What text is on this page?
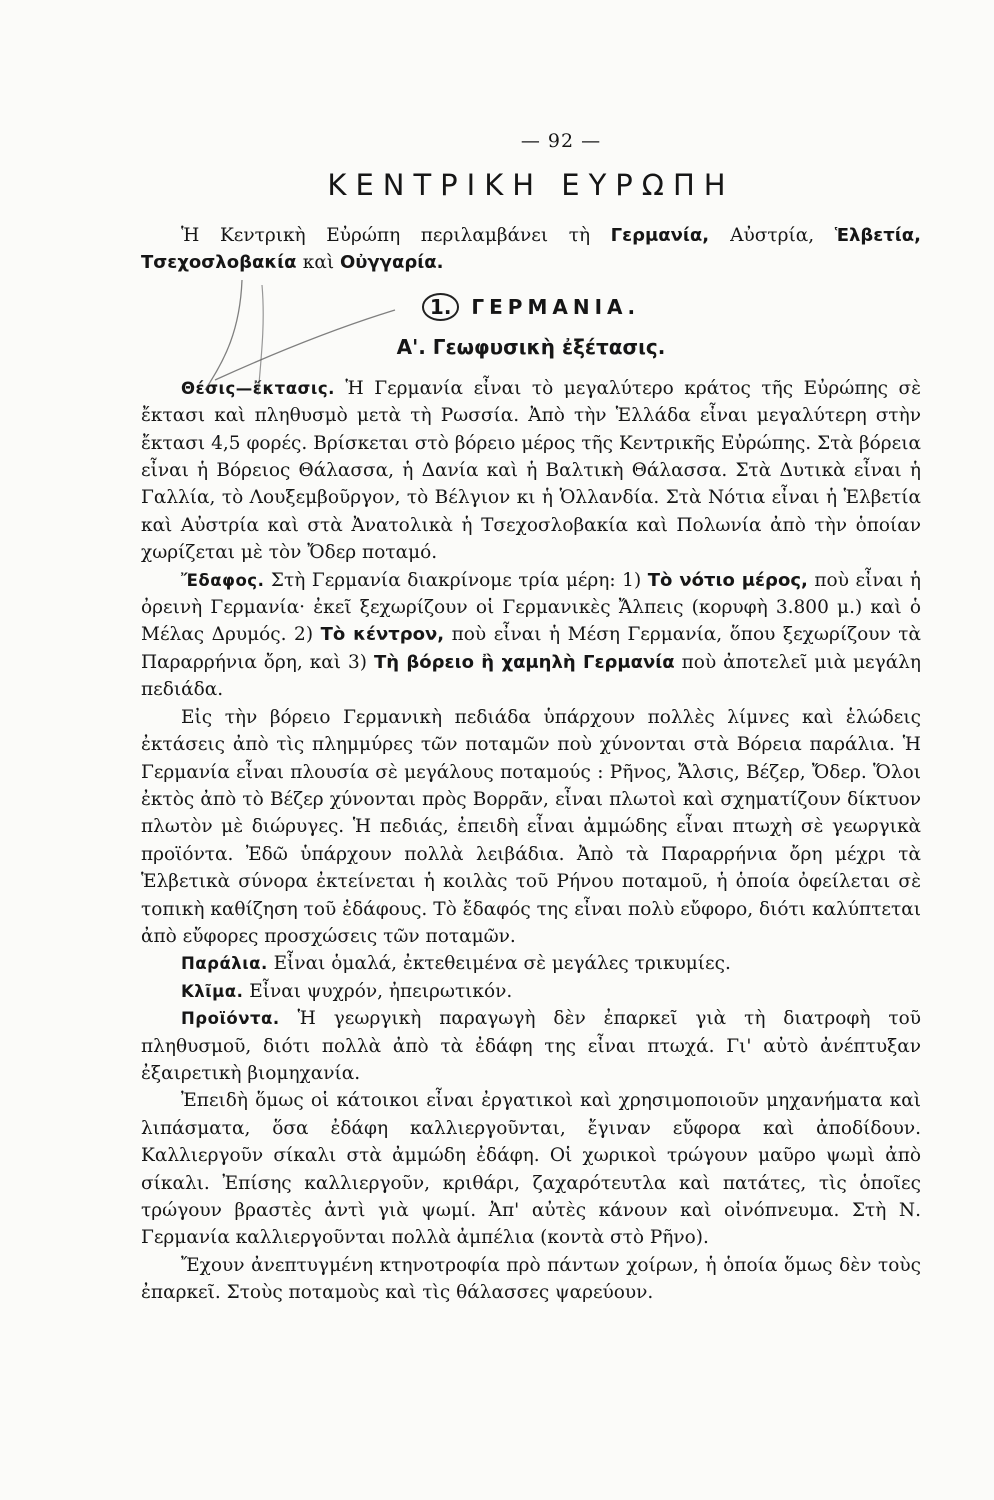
— 92 —
ΚΕΝΤΡΙΚΗ ΕΥΡΩΠΗ

Ἡ Κεντρικὴ Εὐρώπη περιλαμβάνει τὴ Γερμανία, Αὐστρία, Ἑλβετία, Τσεχοσλοβακία καὶ Οὐγγαρία.

1. ΓΕΡΜΑΝΙΑ.
Α'. Γεωφυσικὴ ἐξέτασις.

Θέσις—ἔκτασις. Ἡ Γερμανία εἶναι τὸ μεγαλύτερο κράτος τῆς Εὐρώπης σὲ ἔκτασι καὶ πληθυσμὸ μετὰ τὴ Ρωσσία. Ἀπὸ τὴν Ἑλλάδα εἶναι μεγαλύτερη στὴν ἔκτασι 4,5 φορές. Βρίσκεται στὸ βόρειο μέρος τῆς Κεντρικῆς Εὐρώπης. Στὰ βόρεια εἶναι ἡ Βόρειος Θάλασσα, ἡ Δανία καὶ ἡ Βαλτικὴ Θάλασσα. Στὰ Δυτικὰ εἶναι ἡ Γαλλία, τὸ Λουξεμβοῦργον, τὸ Βέλγιον κι ἡ Ὁλλανδία. Στὰ Νότια εἶναι ἡ Ἑλβετία καὶ Αὐστρία καὶ στὰ Ἀνατολικὰ ἡ Τσεχοσλοβακία καὶ Πολωνία ἀπὸ τὴν ὁποίαν χωρίζεται μὲ τὸν Ὄδερ ποταμό.

Ἔδαφος. Στὴ Γερμανία διακρίνομε τρία μέρη: 1) Τὸ νότιο μέρος, ποὺ εἶναι ἡ ὀρεινὴ Γερμανία· ἐκεῖ ξεχωρίζουν οἱ Γερμανικὲς Ἄλπεις (κορυφὴ 3.800 μ.) καὶ ὁ Μέλας Δρυμός. 2) Τὸ κέντρον, ποὺ εἶναι ἡ Μέση Γερμανία, ὅπου ξεχωρίζουν τὰ Παραρρήνια ὄρη, καὶ 3) Τὴ βόρειο ἢ χαμηλὴ Γερμανία ποὺ ἀποτελεῖ μιὰ μεγάλη πεδιάδα.

Εἰς τὴν βόρειο Γερμανικὴ πεδιάδα ὑπάρχουν πολλὲς λίμνες καὶ ἑλώδεις ἐκτάσεις ἀπὸ τὶς πλημμύρες τῶν ποταμῶν ποὺ χύνονται στὰ Βόρεια παράλια. Ἡ Γερμανία εἶναι πλουσία σὲ μεγάλους ποταμούς : Ρῆνος, Ἄλσις, Βέζερ, Ὄδερ. Ὅλοι ἐκτὸς ἀπὸ τὸ Βέζερ χύνονται πρὸς Βορρᾶν, εἶναι πλωτοὶ καὶ σχηματίζουν δίκτυον πλωτὸν μὲ διώρυγες. Ἡ πεδιάς, ἐπειδὴ εἶναι ἀμμώδης εἶναι πτωχὴ σὲ γεωργικὰ προϊόντα. Ἐδῶ ὑπάρχουν πολλὰ λειβάδια. Ἀπὸ τὰ Παραρρήνια ὄρη μέχρι τὰ Ἑλβετικὰ σύνορα ἐκτείνεται ἡ κοιλὰς τοῦ Ρήνου ποταμοῦ, ἡ ὁποία ὀφείλεται σὲ τοπικὴ καθίζηση τοῦ ἐδάφους. Τὸ ἔδαφός της εἶναι πολὺ εὔφορο, διότι καλύπτεται ἀπὸ εὔφορες προσχώσεις τῶν ποταμῶν.

Παράλια. Εἶναι ὁμαλά, ἐκτεθειμένα σὲ μεγάλες τρικυμίες.

Κλῖμα. Εἶναι ψυχρόν, ἠπειρωτικόν.

Προϊόντα. Ἡ γεωργικὴ παραγωγὴ δὲν ἐπαρκεῖ γιὰ τὴ διατροφὴ τοῦ πληθυσμοῦ, διότι πολλὰ ἀπὸ τὰ ἐδάφη της εἶναι πτωχά. Γι' αὐτὸ ἀνέπτυξαν ἐξαιρετικὴ βιομηχανία.

Ἐπειδὴ ὅμως οἱ κάτοικοι εἶναι ἐργατικοὶ καὶ χρησιμοποιοῦν μηχανήματα καὶ λιπάσματα, ὅσα ἐδάφη καλλιεργοῦνται, ἔγιναν εὔφορα καὶ ἀποδίδουν. Καλλιεργοῦν σίκαλι στὰ ἀμμώδη ἐδάφη. Οἱ χωρικοὶ τρώγουν μαῦρο ψωμὶ ἀπὸ σίκαλι. Ἐπίσης καλλιεργοῦν, κριθάρι, ζαχαρότευτλα καὶ πατάτες, τὶς ὁποῖες τρώγουν βραστὲς ἀντὶ γιὰ ψωμί. Ἀπ' αὐτὲς κάνουν καὶ οἰνόπνευμα. Στὴ Ν. Γερμανία καλλιεργοῦνται πολλὰ ἀμπέλια (κοντὰ στὸ Ρῆνο).

Ἔχουν ἀνεπτυγμένη κτηνοτροφία πρὸ πάντων χοίρων, ἡ ὁποία ὅμως δὲν τοὺς ἐπαρκεῖ. Στοὺς ποταμοὺς καὶ τὶς θάλασσες ψαρεύουν.
